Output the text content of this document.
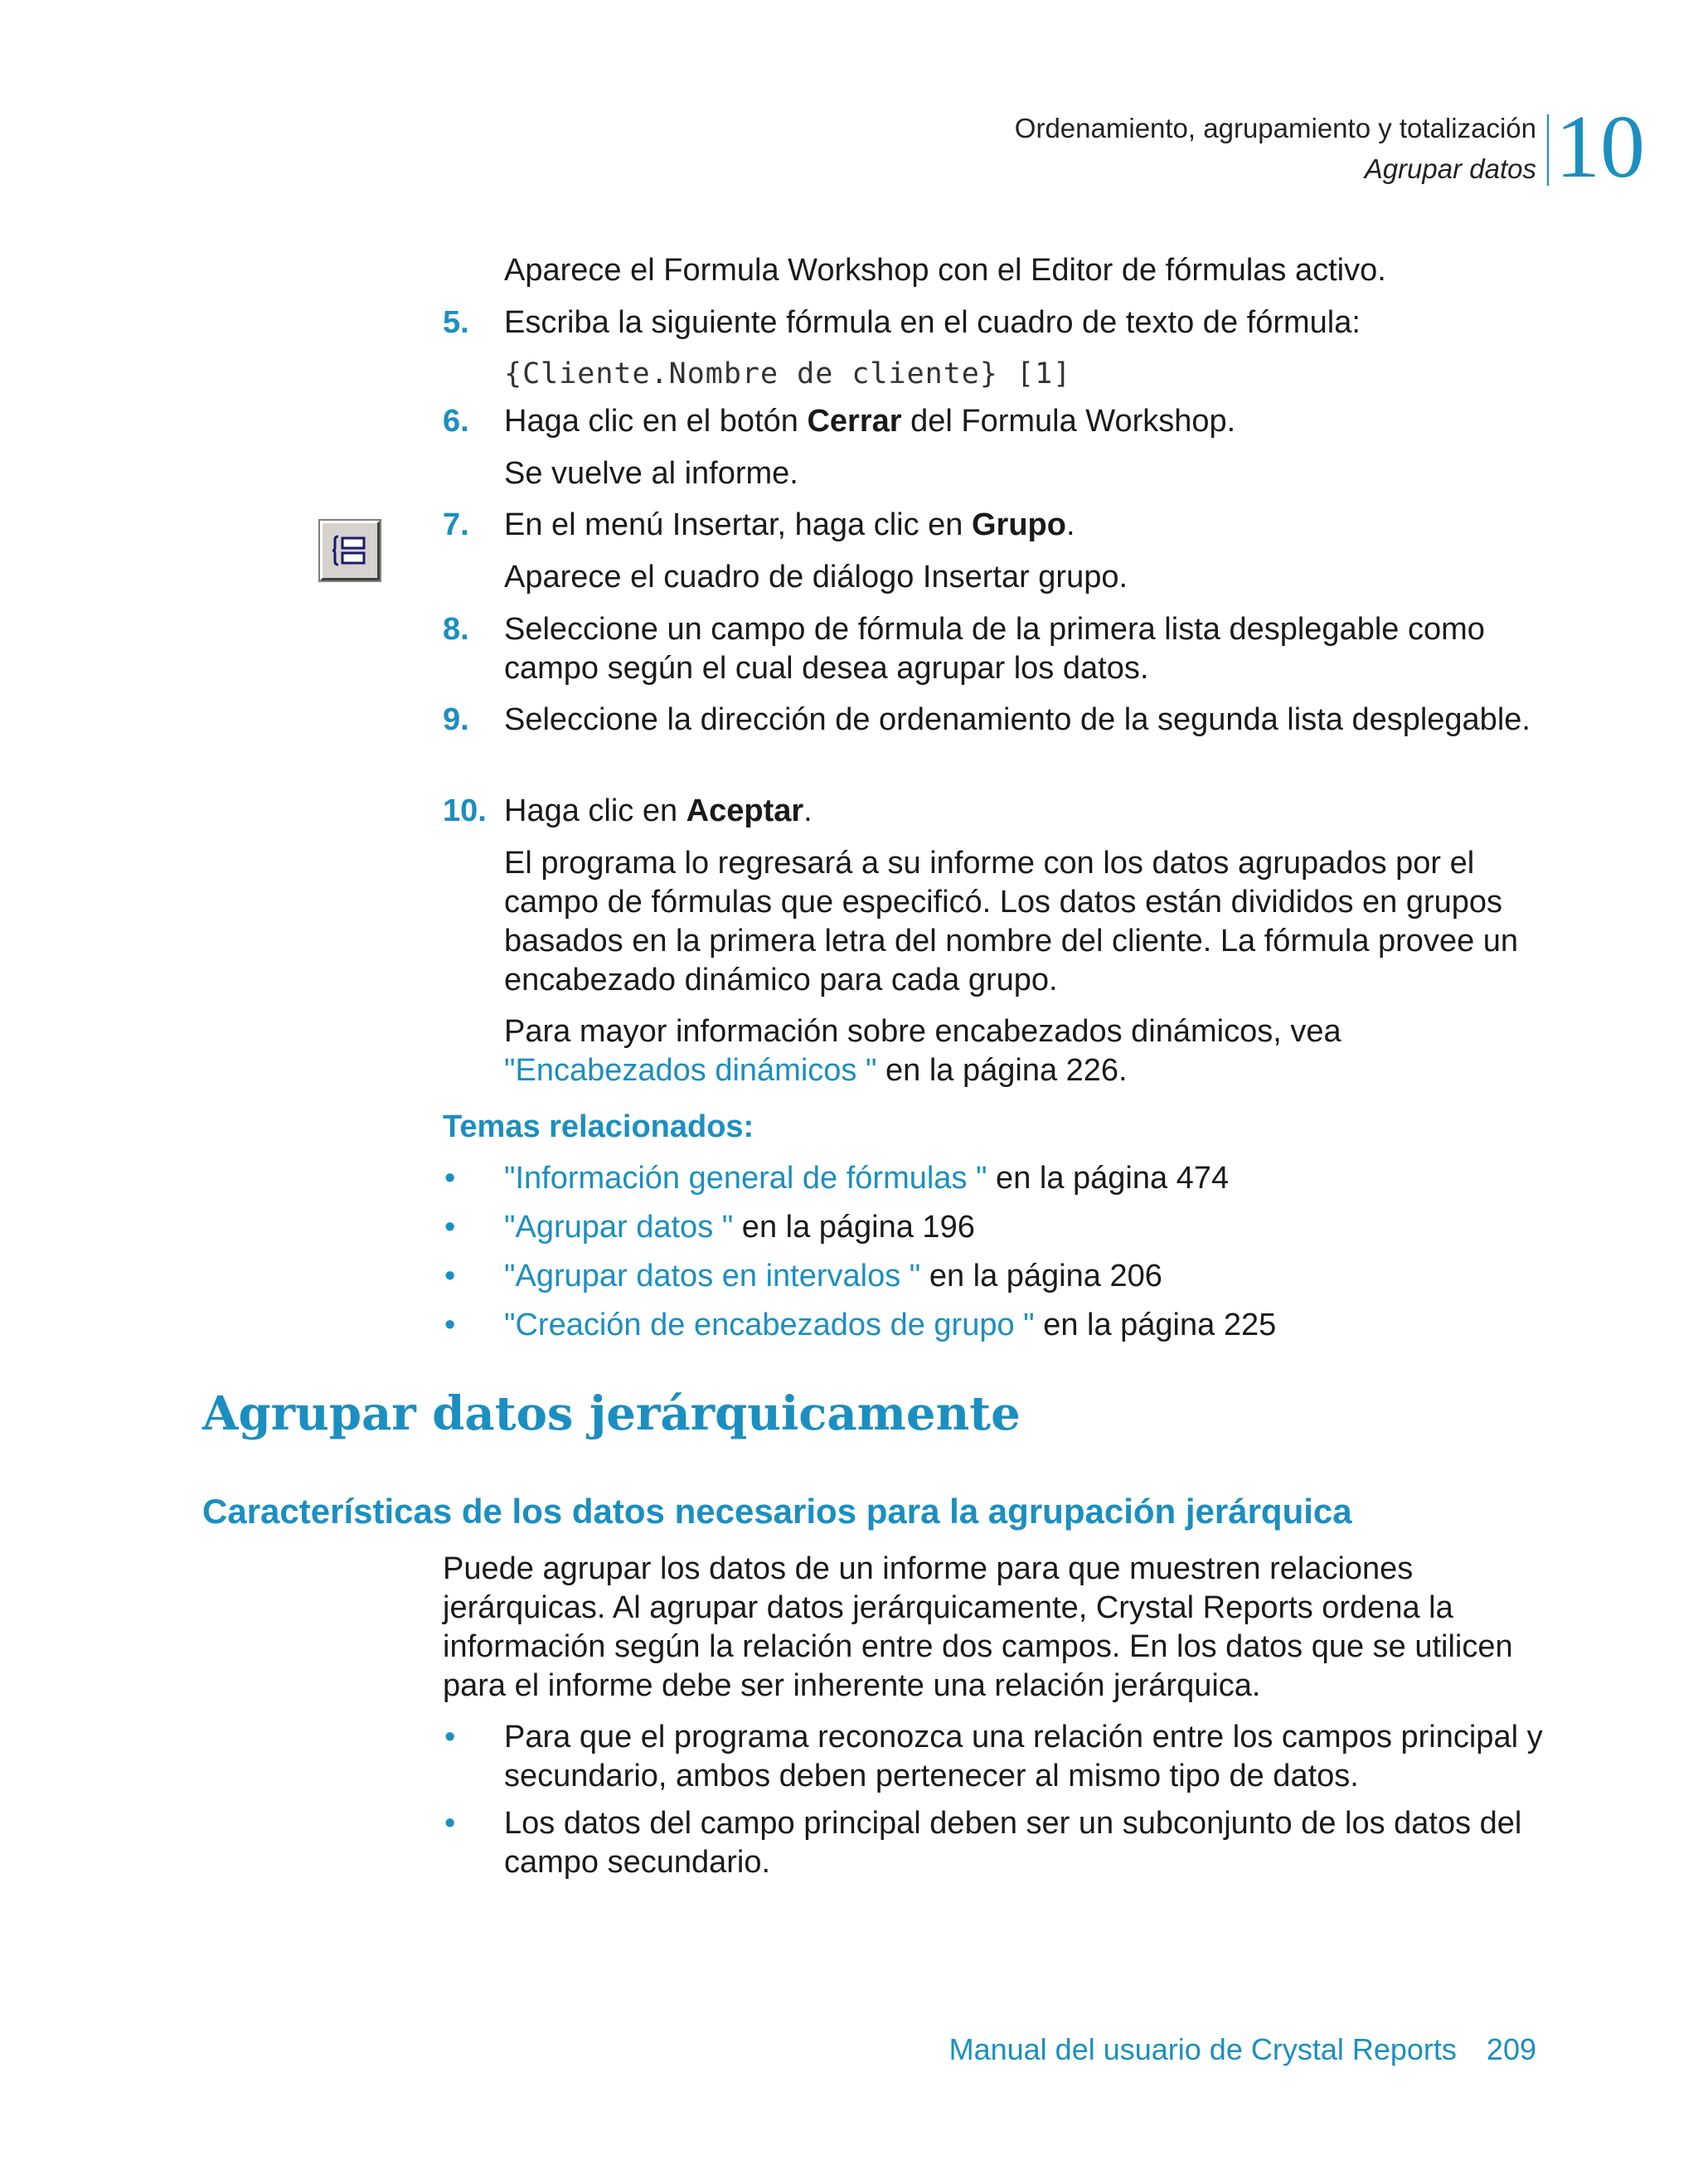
Ordenamiento, agrupamiento y totalización
Agrupar datos 10

Aparece el Formula Workshop con el Editor de fórmulas activo.

5. Escriba la siguiente fórmula en el cuadro de texto de fórmula:

{Cliente.Nombre de cliente} [1]

6. Haga clic en el botón Cerrar del Formula Workshop.

Se vuelve al informe.

7. En el menú Insertar, haga clic en Grupo.

Aparece el cuadro de diálogo Insertar grupo.

8. Seleccione un campo de fórmula de la primera lista desplegable como campo según el cual desea agrupar los datos.

9. Seleccione la dirección de ordenamiento de la segunda lista desplegable.

10. Haga clic en Aceptar.

El programa lo regresará a su informe con los datos agrupados por el campo de fórmulas que especificó. Los datos están divididos en grupos basados en la primera letra del nombre del cliente. La fórmula provee un encabezado dinámico para cada grupo.

Para mayor información sobre encabezados dinámicos, vea "Encabezados dinámicos " en la página 226.

Temas relacionados:

• "Información general de fórmulas " en la página 474

• "Agrupar datos " en la página 196

• "Agrupar datos en intervalos " en la página 206

• "Creación de encabezados de grupo " en la página 225

Agrupar datos jerárquicamente
Características de los datos necesarios para la agrupación jerárquica

Puede agrupar los datos de un informe para que muestren relaciones jerárquicas. Al agrupar datos jerárquicamente, Crystal Reports ordena la información según la relación entre dos campos. En los datos que se utilicen para el informe debe ser inherente una relación jerárquica.

• Para que el programa reconozca una relación entre los campos principal y secundario, ambos deben pertenecer al mismo tipo de datos.

• Los datos del campo principal deben ser un subconjunto de los datos del campo secundario.

Manual del usuario de Crystal Reports 209
